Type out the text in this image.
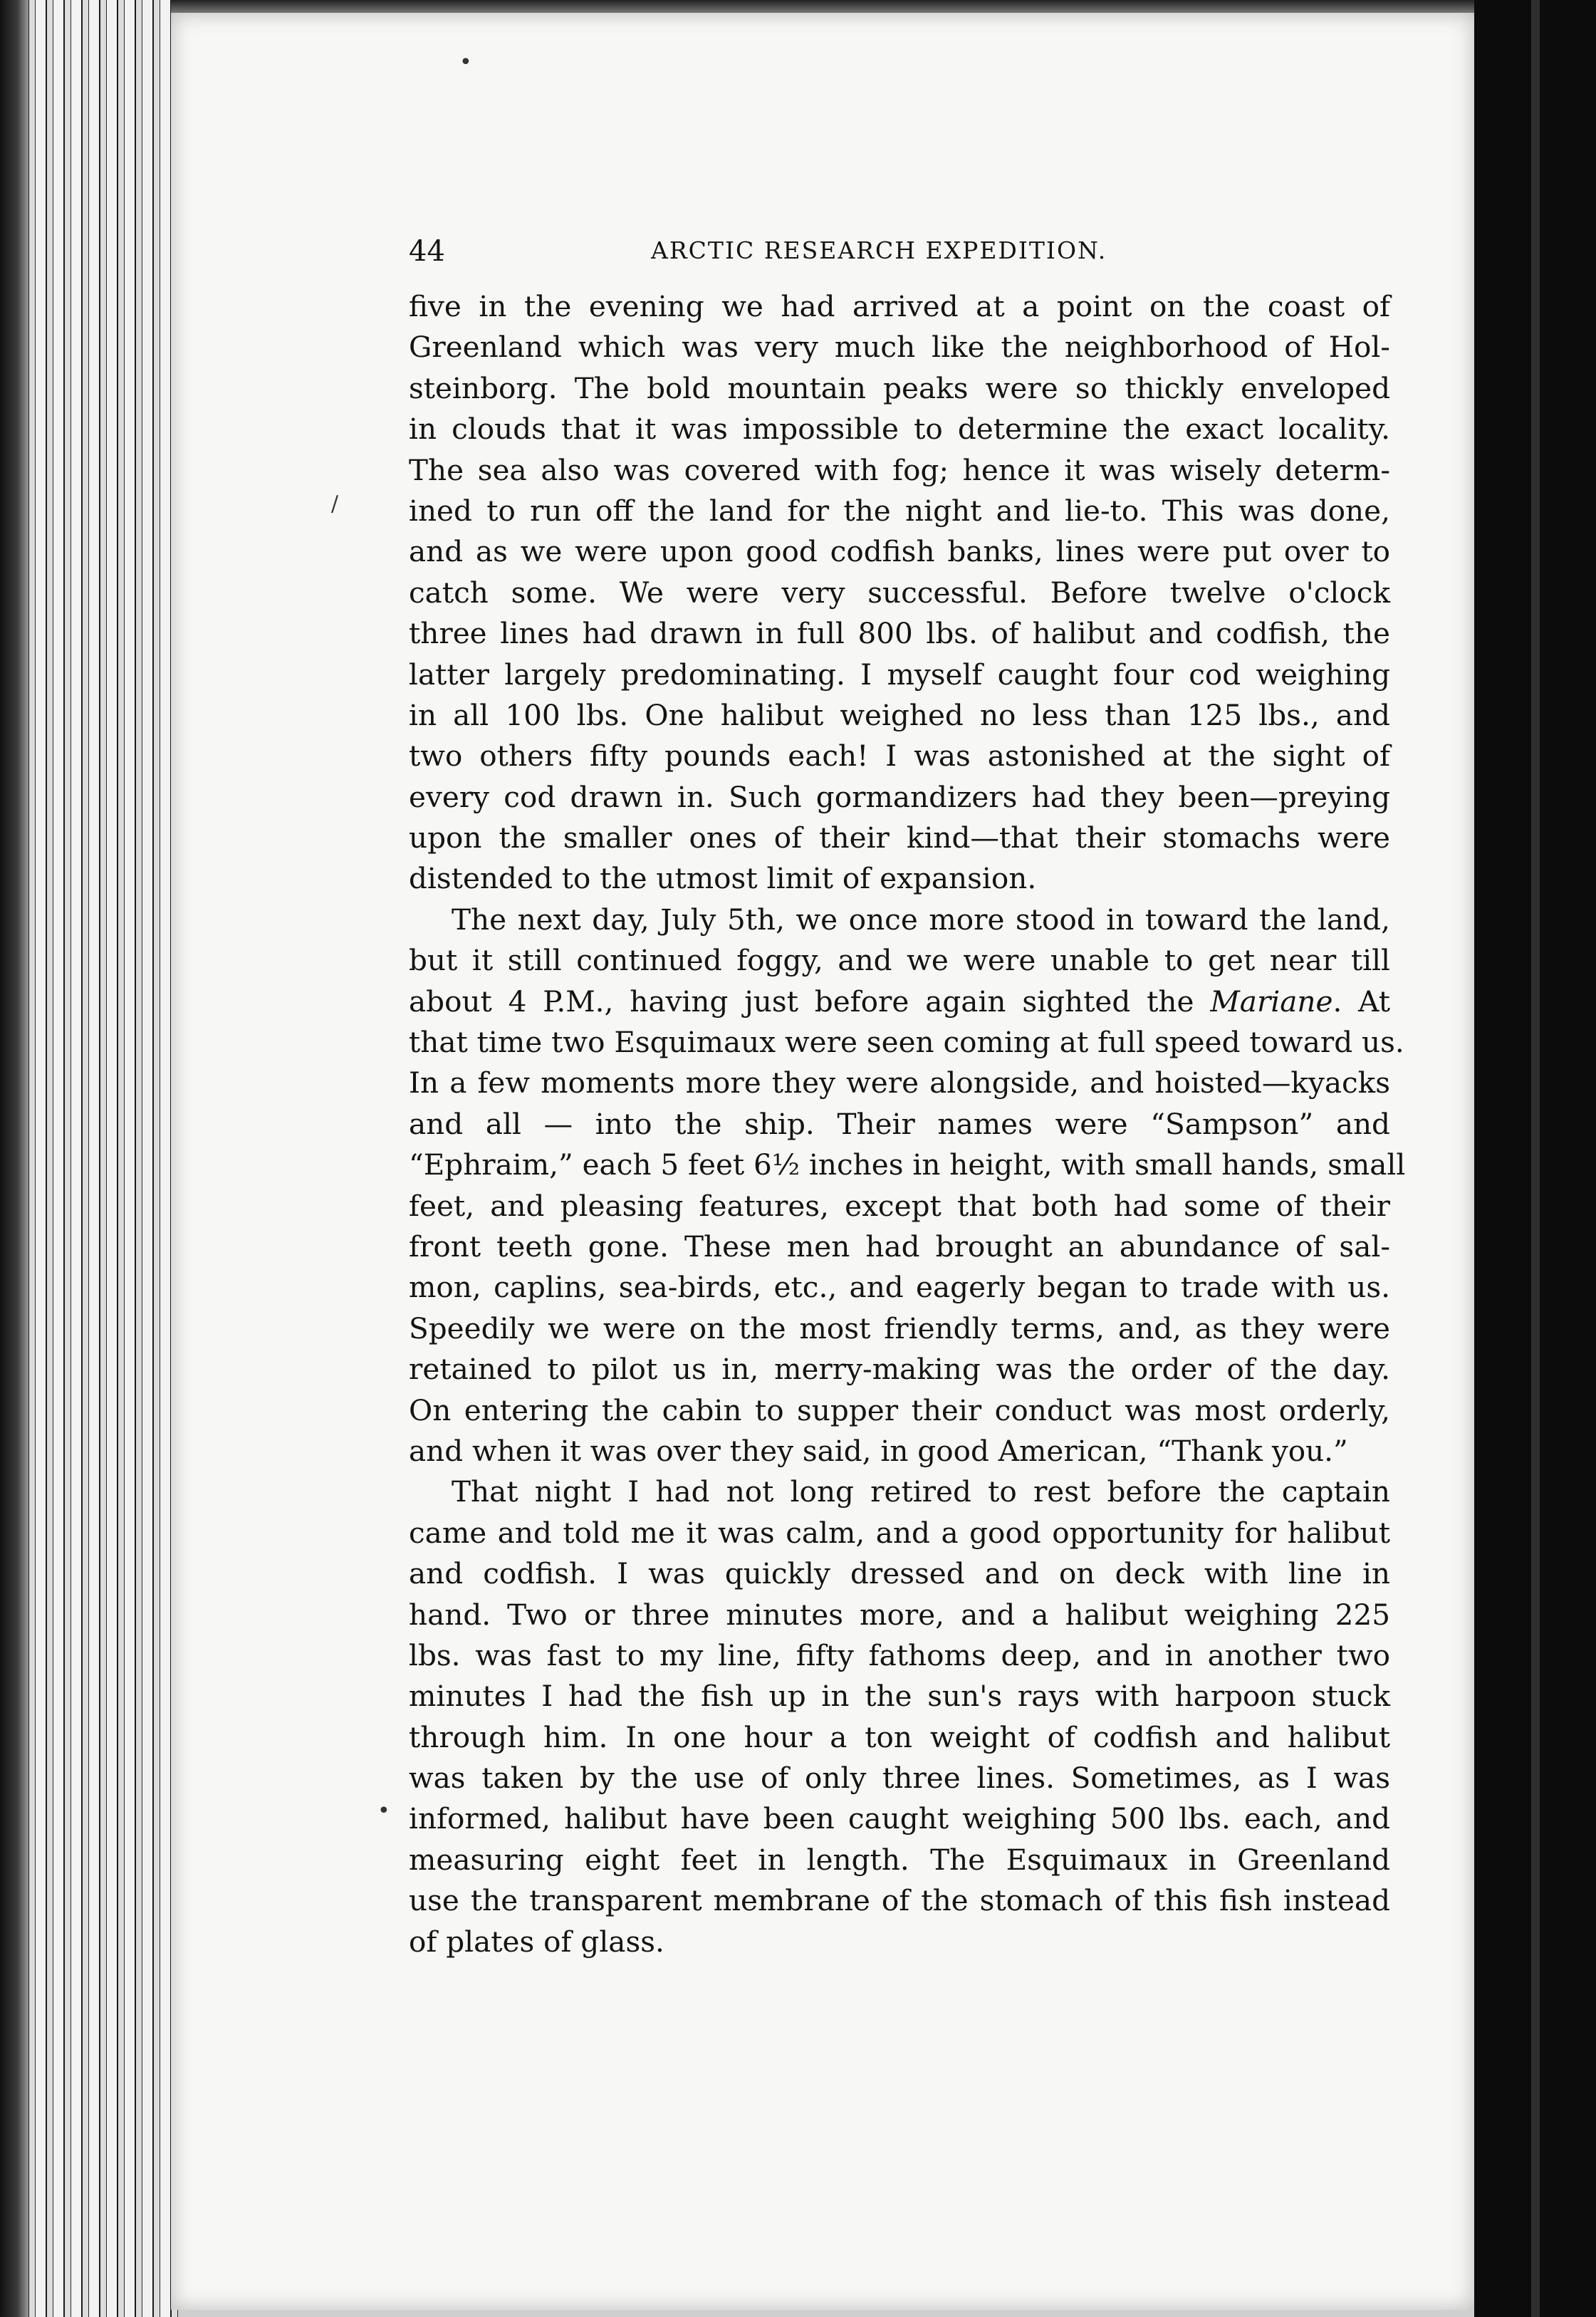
•
/
•
44	ARCTIC RESEARCH EXPEDITION.
five in the evening we had arrived at a point on the coast of
Greenland which was very much like the neighborhood of Hol-
steinborg. The bold mountain peaks were so thickly enveloped
in clouds that it was impossible to determine the exact locality.
The sea also was covered with fog; hence it was wisely determ-
ined to run off the land for the night and lie-to. This was done,
and as we were upon good codfish banks, lines were put over to
catch some. We were very successful. Before twelve o'clock
three lines had drawn in full 800 lbs. of halibut and codfish, the
latter largely predominating. I myself caught four cod weighing
in all 100 lbs. One halibut weighed no less than 125 lbs., and
two others fifty pounds each! I was astonished at the sight of
every cod drawn in. Such gormandizers had they been—preying
upon the smaller ones of their kind—that their stomachs were
distended to the utmost limit of expansion.
The next day, July 5th, we once more stood in toward the land,
but it still continued foggy, and we were unable to get near till
about 4 P.M., having just before again sighted the Mariane. At
that time two Esquimaux were seen coming at full speed toward us.
In a few moments more they were alongside, and hoisted—kyacks
and all — into the ship. Their names were “Sampson” and
“Ephraim,” each 5 feet 6½ inches in height, with small hands, small
feet, and pleasing features, except that both had some of their
front teeth gone. These men had brought an abundance of sal-
mon, caplins, sea-birds, etc., and eagerly began to trade with us.
Speedily we were on the most friendly terms, and, as they were
retained to pilot us in, merry-making was the order of the day.
On entering the cabin to supper their conduct was most orderly,
and when it was over they said, in good American, “Thank you.”
That night I had not long retired to rest before the captain
came and told me it was calm, and a good opportunity for halibut
and codfish. I was quickly dressed and on deck with line in
hand. Two or three minutes more, and a halibut weighing 225
lbs. was fast to my line, fifty fathoms deep, and in another two
minutes I had the fish up in the sun's rays with harpoon stuck
through him. In one hour a ton weight of codfish and halibut
was taken by the use of only three lines. Sometimes, as I was
informed, halibut have been caught weighing 500 lbs. each, and
measuring eight feet in length. The Esquimaux in Greenland
use the transparent membrane of the stomach of this fish instead
of plates of glass.
